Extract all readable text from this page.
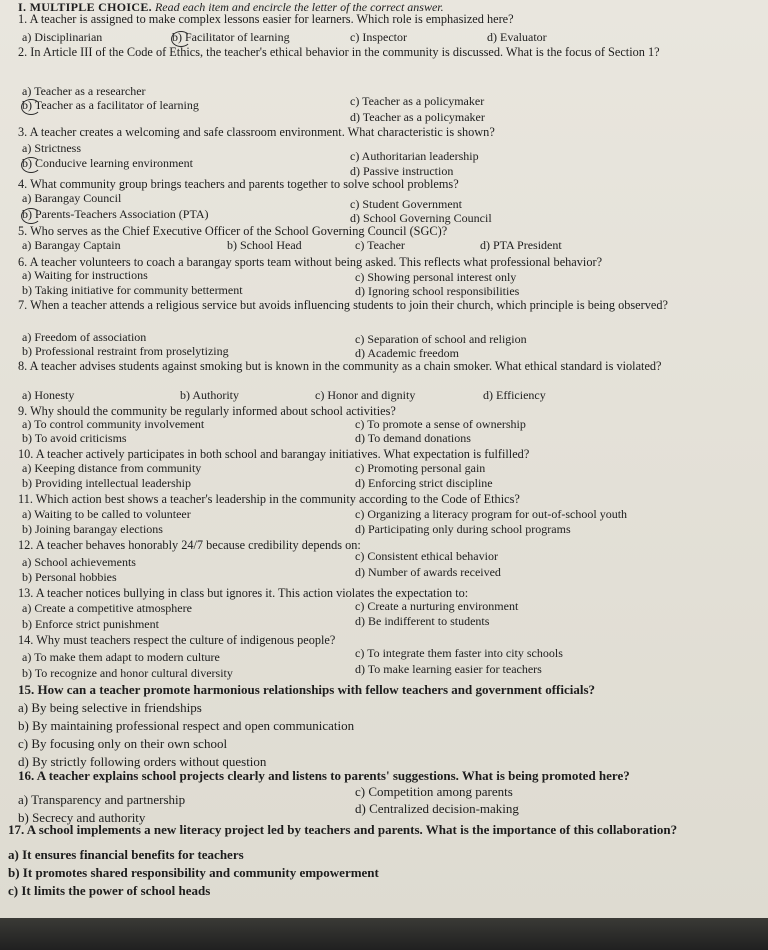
I. MULTIPLE CHOICE. Read each item and encircle the letter of the correct answer.
1. A teacher is assigned to make complex lessons easier for learners. Which role is emphasized here?
a) Disciplinarian	b) Facilitator of learning	c) Inspector	d) Evaluator
2. In Article III of the Code of Ethics, the teacher's ethical behavior in the community is discussed. What is the focus of Section 1?
a) Teacher as a researcher
b) Teacher as a facilitator of learning	c) Teacher as a policymaker
d) Teacher as a policymaker
3. A teacher creates a welcoming and safe classroom environment. What characteristic is shown?
a) Strictness
b) Conducive learning environment	c) Authoritarian leadership
d) Passive instruction
4. What community group brings teachers and parents together to solve school problems?
a) Barangay Council
b) Parents-Teachers Association (PTA)
c) Student Government
d) School Governing Council
5. Who serves as the Chief Executive Officer of the School Governing Council (SGC)?
a) Barangay Captain	b) School Head	c) Teacher	d) PTA President
6. A teacher volunteers to coach a barangay sports team without being asked. This reflects what professional behavior?
a) Waiting for instructions
b) Taking initiative for community betterment
c) Showing personal interest only
d) Ignoring school responsibilities
7. When a teacher attends a religious service but avoids influencing students to join their church, which principle is being observed?
a) Freedom of association
b) Professional restraint from proselytizing
c) Separation of school and religion
d) Academic freedom
8. A teacher advises students against smoking but is known in the community as a chain smoker. What ethical standard is violated?
a) Honesty	b) Authority	c) Honor and dignity	d) Efficiency
9. Why should the community be regularly informed about school activities?
a) To control community involvement
b) To avoid criticisms
c) To promote a sense of ownership
d) To demand donations
10. A teacher actively participates in both school and barangay initiatives. What expectation is fulfilled?
a) Keeping distance from community
b) Providing intellectual leadership
c) Promoting personal gain
d) Enforcing strict discipline
11. Which action best shows a teacher's leadership in the community according to the Code of Ethics?
a) Waiting to be called to volunteer
b) Joining barangay elections
c) Organizing a literacy program for out-of-school youth
d) Participating only during school programs
12. A teacher behaves honorably 24/7 because credibility depends on:
a) School achievements
b) Personal hobbies
c) Consistent ethical behavior
d) Number of awards received
13. A teacher notices bullying in class but ignores it. This action violates the expectation to:
a) Create a competitive atmosphere
b) Enforce strict punishment
c) Create a nurturing environment
d) Be indifferent to students
14. Why must teachers respect the culture of indigenous people?
a) To make them adapt to modern culture
b) To recognize and honor cultural diversity
c) To integrate them faster into city schools
d) To make learning easier for teachers
15. How can a teacher promote harmonious relationships with fellow teachers and government officials?
a) By being selective in friendships
b) By maintaining professional respect and open communication
c) By focusing only on their own school
d) By strictly following orders without question
16. A teacher explains school projects clearly and listens to parents' suggestions. What is being promoted here?
a) Transparency and partnership
b) Secrecy and authority
c) Competition among parents
d) Centralized decision-making
17. A school implements a new literacy project led by teachers and parents. What is the importance of this collaboration?
a) It ensures financial benefits for teachers
b) It promotes shared responsibility and community empowerment
c) It limits the power of school heads
